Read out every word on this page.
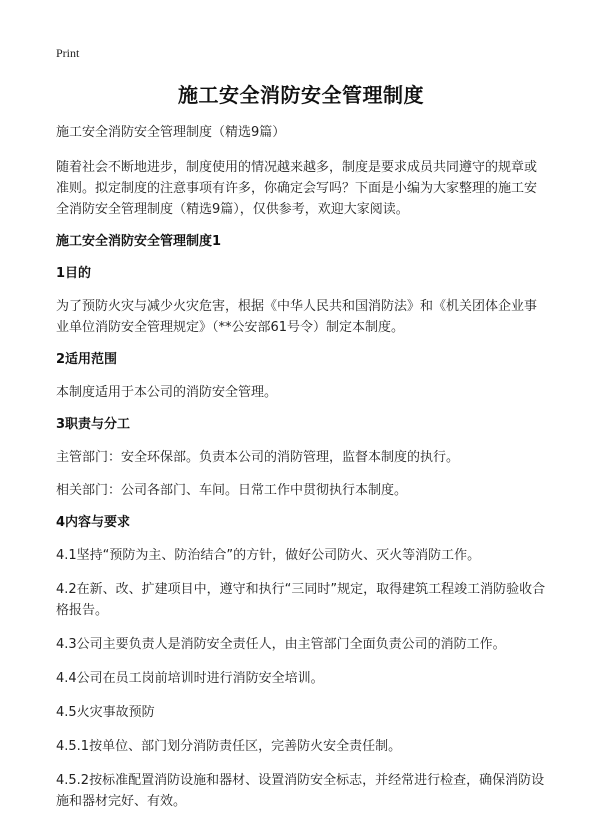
Print
施工安全消防安全管理制度
施工安全消防安全管理制度（精选9篇）
随着社会不断地进步，制度使用的情况越来越多，制度是要求成员共同遵守的规章或准则。拟定制度的注意事项有许多，你确定会写吗？下面是小编为大家整理的施工安全消防安全管理制度（精选9篇），仅供参考，欢迎大家阅读。
施工安全消防安全管理制度1
1目的
为了预防火灾与减少火灾危害，根据《中华人民共和国消防法》和《机关团体企业事业单位消防安全管理规定》（**公安部61号令）制定本制度。
2适用范围
本制度适用于本公司的消防安全管理。
3职责与分工
主管部门：安全环保部。负责本公司的消防管理，监督本制度的执行。
相关部门：公司各部门、车间。日常工作中贯彻执行本制度。
4内容与要求
4.1坚持“预防为主、防治结合”的方针，做好公司防火、灭火等消防工作。
4.2在新、改、扩建项目中，遵守和执行“三同时”规定，取得建筑工程竣工消防验收合格报告。
4.3公司主要负责人是消防安全责任人，由主管部门全面负责公司的消防工作。
4.4公司在员工岗前培训时进行消防安全培训。
4.5火灾事故预防
4.5.1按单位、部门划分消防责任区，完善防火安全责任制。
4.5.2按标准配置消防设施和器材、设置消防安全标志，并经常进行检查，确保消防设施和器材完好、有效。
